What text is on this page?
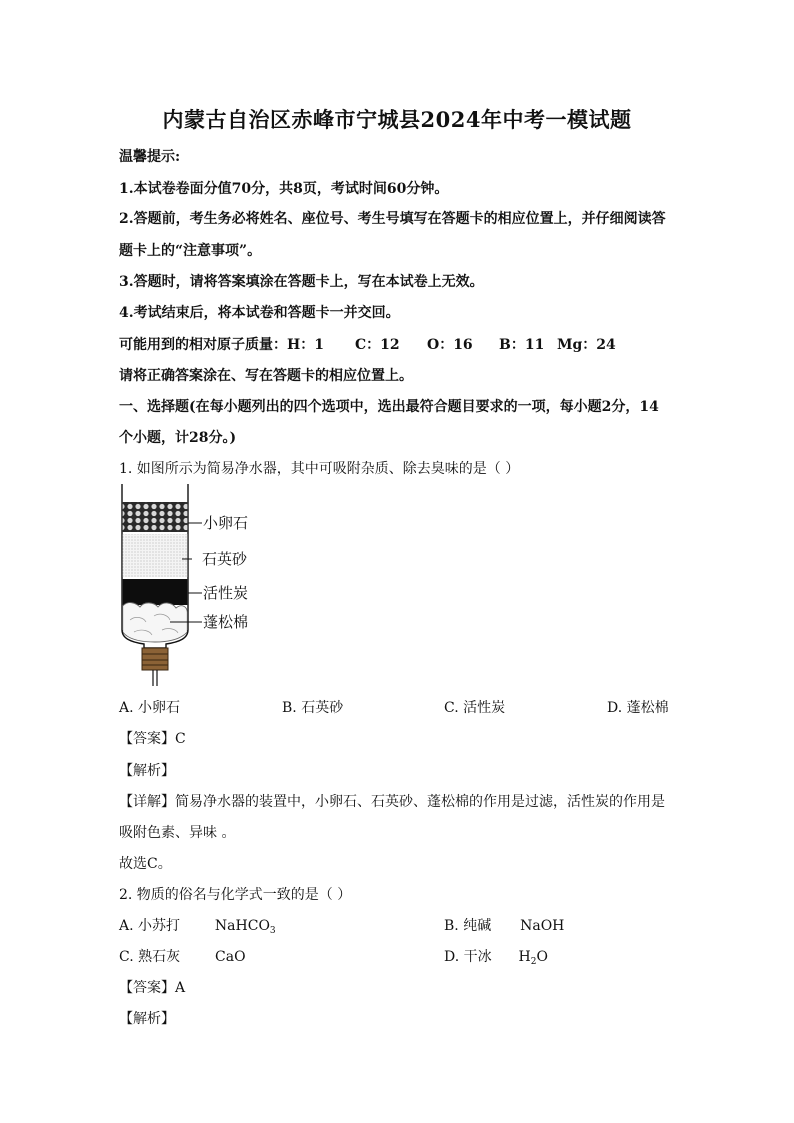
内蒙古自治区赤峰市宁城县2024年中考一模试题
温馨提示:
1.本试卷卷面分值70分，共8页，考试时间60分钟。
2.答题前，考生务必将姓名、座位号、考生号填写在答题卡的相应位置上，并仔细阅读答
题卡上的“注意事项”。
3.答题时，请将答案填涂在答题卡上，写在本试卷上无效。
4.考试结束后，将本试卷和答题卡一并交回。
可能用到的相对原子质量：H：1 C：12 O：16 B：11 Mg：24
请将正确答案涂在、写在答题卡的相应位置上。
一、选择题(在每小题列出的四个选项中，选出最符合题目要求的一项，每小题2分，14
个小题，计28分。)
1. 如图所示为简易净水器，其中可吸附杂质、除去臭味的是（ ）
小卵石
石英砂
活性炭
蓬松棉
A. 小卵石	B. 石英砂	C. 活性炭	D. 蓬松棉
【答案】C
【解析】
【详解】简易净水器的装置中，小卵石、石英砂、蓬松棉的作用是过滤，活性炭的作用是
吸附色素、异味 。
故选C。
2. 物质的俗名与化学式一致的是（ ）
A. 小苏打 NaHCO$_3$	B. 纯碱 NaOH
C. 熟石灰 CaO	D. 干冰 $H_2O$
【答案】A
【解析】
